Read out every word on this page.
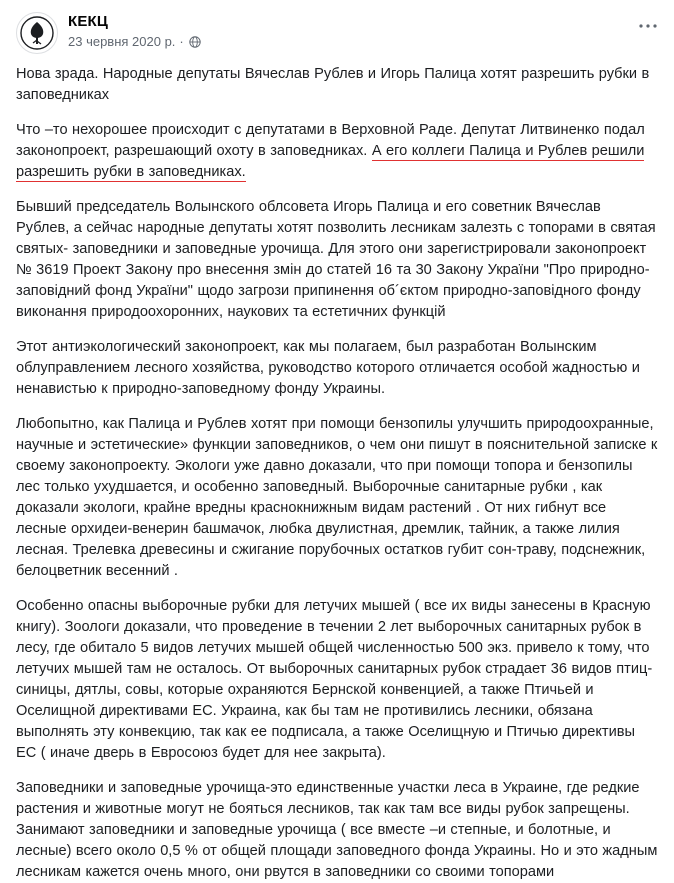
КЕКЦ
23 червня 2020 р. ·

Нова зрада. Народные депутаты Вячеслав Рублев и Игорь Палица хотят разрешить рубки в заповедниках

Что –то нехорошее происходит с депутатами в Верховной Раде. Депутат Литвиненко подал законопроект, разрешающий охоту в заповедниках. А его коллеги Палица и Рублев решили разрешить рубки в заповедниках.

Бывший председатель Волынского облсовета Игорь Палица и его советник Вячеслав Рублев, а сейчас народные депутаты хотят позволить лесникам залезть с топорами в святая святых- заповедники и заповедные урочища. Для этого они зарегистрировали законопроект № 3619 Проект Закону про внесення змін до статей 16 та 30 Закону України "Про природно-заповідний фонд України" щодо загрози припинення об´єктом природно-заповідного фонду виконання природоохоронних, наукових та естетичних функцій

Этот антиэкологический законопроект, как мы полагаем, был разработан Волынским облуправлением лесного хозяйства, руководство которого отличается особой жадностью и ненавистью к природно-заповедному фонду Украины.

Любопытно, как Палица и Рублев хотят при помощи бензопилы улучшить природоохранные, научные и эстетические» функции заповедников, о чем они пишут в пояснительной записке к своему законопроекту. Экологи уже давно доказали, что при помощи топора и бензопилы лес только ухудшается, и особенно заповедный. Выборочные санитарные рубки , как доказали экологи, крайне вредны краснокнижным видам растений . От них гибнут все лесные орхидеи-венерин башмачок, любка двулистная, дремлик, тайник, а также лилия лесная. Трелевка древесины и сжигание порубочных остатков губит сон-траву, подснежник, белоцветник весенний .

Особенно опасны выборочные рубки для летучих мышей ( все их виды занесены в Красную книгу). Зоологи доказали, что проведение в течении 2 лет выборочных санитарных рубок в лесу, где обитало 5 видов летучих мышей общей численностью 500 экз. привело к тому, что летучих мышей там не осталось. От выборочных санитарных рубок страдает 36 видов птиц-синицы, дятлы, совы, которые охраняются Бернской конвенцией, а также Птичьей и Оселищной директивами ЕС. Украина, как бы там не противились лесники, обязана выполнять эту конвекцию, так как ее подписала, а также Оселищную и Птичью директивы ЕС ( иначе дверь в Евросоюз будет для нее закрыта).

Заповедники и заповедные урочища-это единственные участки леса в Украине, где редкие растения и животные могут не бояться лесников, так как там все виды рубок запрещены. Занимают заповедники и заповедные урочища ( все вместе –и степные, и болотные, и лесные) всего около 0,5 % от общей площади заповедного фонда Украины. Но и это жадным лесникам кажется очень много, они рвутся в заповедники со своими топорами
